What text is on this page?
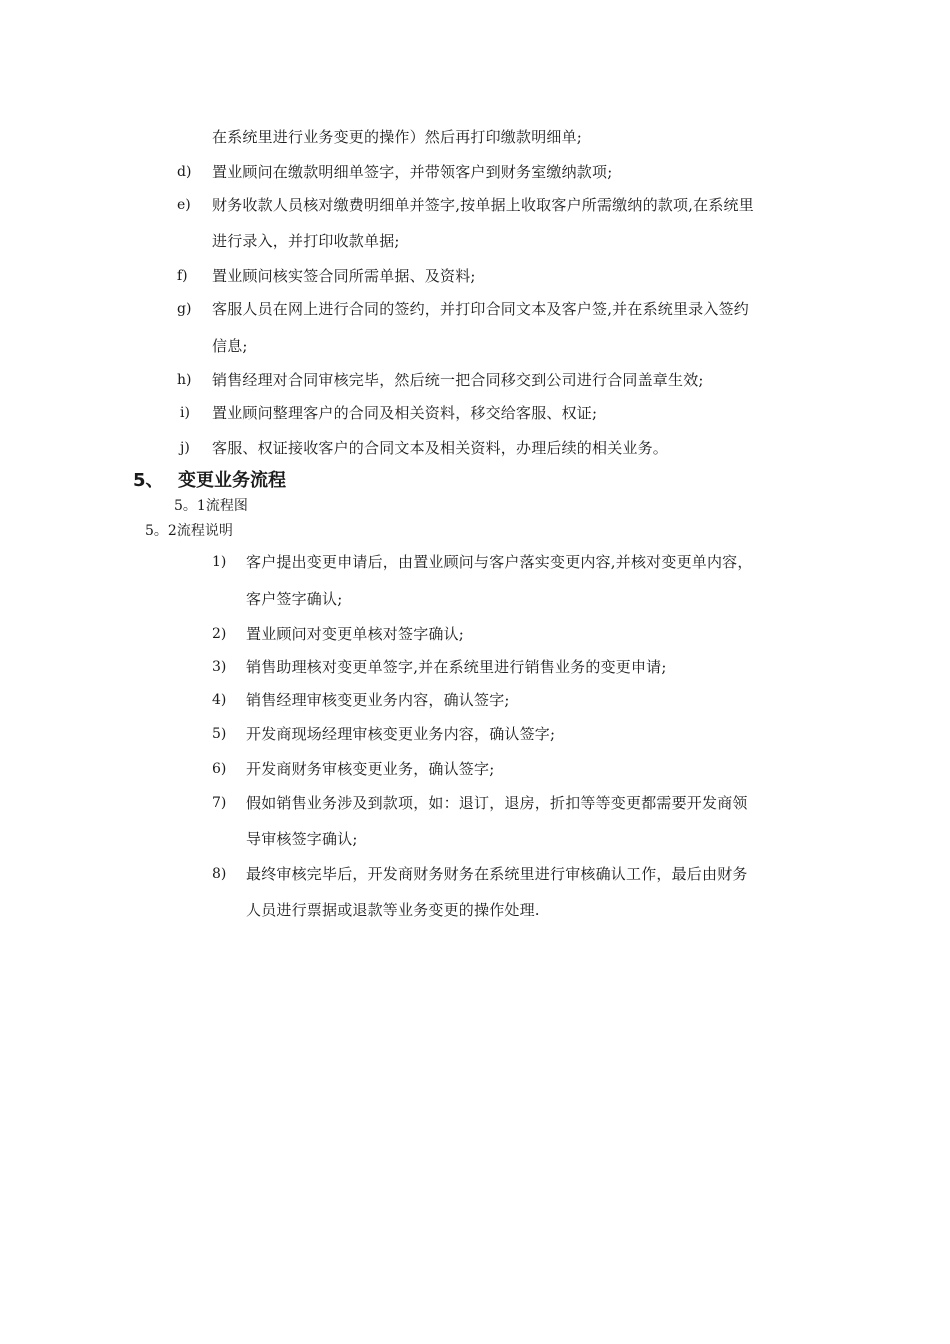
在系统里进行业务变更的操作）然后再打印缴款明细单;
d) 置业顾问在缴款明细单签字，并带领客户到财务室缴纳款项;
e) 财务收款人员核对缴费明细单并签字,按单据上收取客户所需缴纳的款项,在系统里
进行录入，并打印收款单据;
f) 置业顾问核实签合同所需单据、及资料;
g) 客服人员在网上进行合同的签约，并打印合同文本及客户签,并在系统里录入签约
信息;
h) 销售经理对合同审核完毕，然后统一把合同移交到公司进行合同盖章生效;
i) 置业顾问整理客户的合同及相关资料，移交给客服、权证;
j) 客服、权证接收客户的合同文本及相关资料，办理后续的相关业务。
5、 变更业务流程
5。1流程图
5。2流程说明
1) 客户提出变更申请后，由置业顾问与客户落实变更内容,并核对变更单内容，
客户签字确认;
2) 置业顾问对变更单核对签字确认;
3) 销售助理核对变更单签字,并在系统里进行销售业务的变更申请;
4) 销售经理审核变更业务内容，确认签字;
5) 开发商现场经理审核变更业务内容，确认签字;
6) 开发商财务审核变更业务，确认签字;
7) 假如销售业务涉及到款项，如：退订，退房，折扣等等变更都需要开发商领
导审核签字确认;
8) 最终审核完毕后，开发商财务财务在系统里进行审核确认工作，最后由财务
人员进行票据或退款等业务变更的操作处理.
